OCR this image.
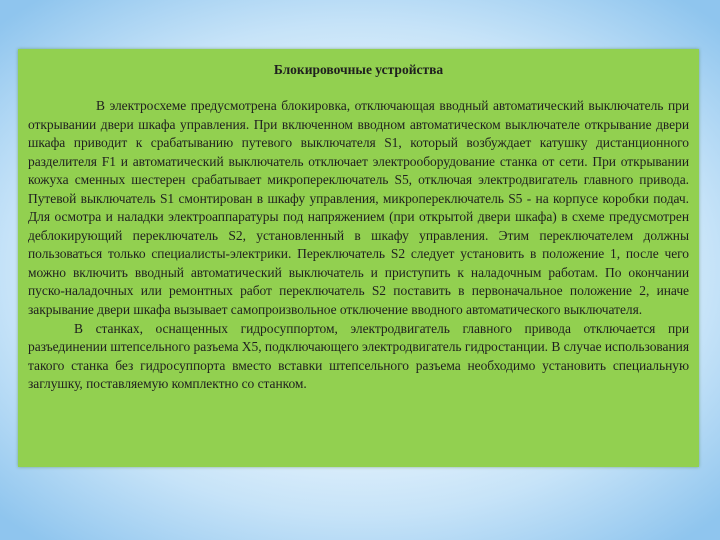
Блокировочные устройства

В электросхеме предусмотрена блокировка, отключающая вводный автоматический выключатель при открывании двери шкафа управления. При включенном вводном автоматическом выключателе открывание двери шкафа приводит к срабатыванию путевого выключателя S1, который возбуждает катушку дистанционного разделителя F1 и автоматический выключатель отключает электрооборудование станка от сети. При открывании кожуха сменных шестерен срабатывает микропереключатель S5, отключая электродвигатель главного привода. Путевой выключатель S1 смонтирован в шкафу управления, микропереключатель S5 - на корпусе коробки подач. Для осмотра и наладки электроаппаратуры под напряжением (при открытой двери шкафа) в схеме предусмотрен деблокирующий переключатель S2, установленный в шкафу управления. Этим переключателем должны пользоваться только специалисты-электрики. Переключатель S2 следует установить в положение 1, после чего можно включить вводный автоматический выключатель и приступить к наладочным работам. По окончании пуско-наладочных или ремонтных работ переключатель S2 поставить в первоначальное положение 2, иначе закрывание двери шкафа вызывает самопроизвольное отключение вводного автоматического выключателя.

В станках, оснащенных гидросуппортом, электродвигатель главного привода отключается при разъединении штепсельного разъема X5, подключающего электродвигатель гидростанции. В случае использования такого станка без гидросуппорта вместо вставки штепсельного разъема необходимо установить специальную заглушку, поставляемую комплектно со станком.
